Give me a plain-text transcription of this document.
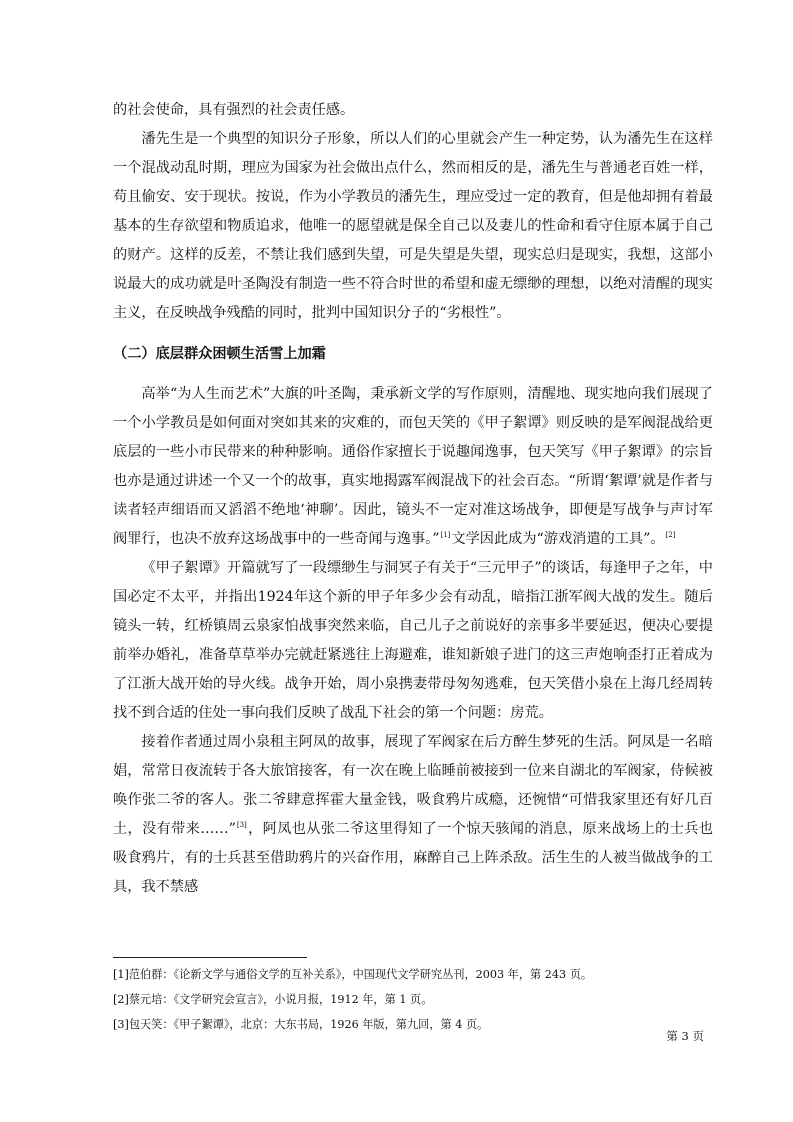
的社会使命，具有强烈的社会责任感。

潘先生是一个典型的知识分子形象，所以人们的心里就会产生一种定势，认为潘先生在这样一个混战动乱时期，理应为国家为社会做出点什么，然而相反的是，潘先生与普通老百姓一样，苟且偷安、安于现状。按说，作为小学教员的潘先生，理应受过一定的教育，但是他却拥有着最基本的生存欲望和物质追求，他唯一的愿望就是保全自己以及妻儿的性命和看守住原本属于自己的财产。这样的反差，不禁让我们感到失望，可是失望是失望，现实总归是现实，我想，这部小说最大的成功就是叶圣陶没有制造一些不符合时世的希望和虚无缥缈的理想，以绝对清醒的现实主义，在反映战争残酷的同时，批判中国知识分子的“劣根性”。

（二）底层群众困顿生活雪上加霜

高举“为人生而艺术”大旗的叶圣陶，秉承新文学的写作原则，清醒地、现实地向我们展现了一个小学教员是如何面对突如其来的灾难的，而包天笑的《甲子絮谭》则反映的是军阀混战给更底层的一些小市民带来的种种影响。通俗作家擅长于说趣闻逸事，包天笑写《甲子絮谭》的宗旨也亦是通过讲述一个又一个的故事，真实地揭露军阀混战下的社会百态。“所谓‘絮谭’就是作者与读者轻声细语而又滔滔不绝地‘神聊’。因此，镜头不一定对准这场战争，即便是写战争与声讨军阀罪行，也决不放弃这场战事中的一些奇闻与逸事。”[1]文学因此成为“游戏消遣的工具”。[2]

《甲子絮谭》开篇就写了一段缥缈生与洞冥子有关于“三元甲子”的谈话，每逢甲子之年，中国必定不太平，并指出1924年这个新的甲子年多少会有动乱，暗指江浙军阀大战的发生。随后镜头一转，红桥镇周云泉家怕战事突然来临，自己儿子之前说好的亲事多半要延迟，便决心要提前举办婚礼，准备草草举办完就赶紧逃往上海避难，谁知新娘子进门的这三声炮响歪打正着成为了江浙大战开始的导火线。战争开始，周小泉携妻带母匆匆逃难，包天笑借小泉在上海几经周转找不到合适的住处一事向我们反映了战乱下社会的第一个问题：房荒。

接着作者通过周小泉租主阿凤的故事，展现了军阀家在后方醉生梦死的生活。阿凤是一名暗娼，常常日夜流转于各大旅馆接客，有一次在晚上临睡前被接到一位来自湖北的军阀家，侍候被唤作张二爷的客人。张二爷肆意挥霍大量金钱，吸食鸦片成瘾，还惋惜“可惜我家里还有好几百土，没有带来……”[3]，阿凤也从张二爷这里得知了一个惊天骇闻的消息，原来战场上的士兵也吸食鸦片，有的士兵甚至借助鸦片的兴奋作用，麻醉自己上阵杀敌。活生生的人被当做战争的工具，我不禁感

[1]范伯群：《论新文学与通俗文学的互补关系》，中国现代文学研究丛刊，2003 年，第 243 页。

[2]蔡元培：《文学研究会宣言》，小说月报，1912 年，第 1 页。

[3]包天笑：《甲子絮谭》，北京：大东书局，1926 年版，第九回，第 4 页。

第 3 页
